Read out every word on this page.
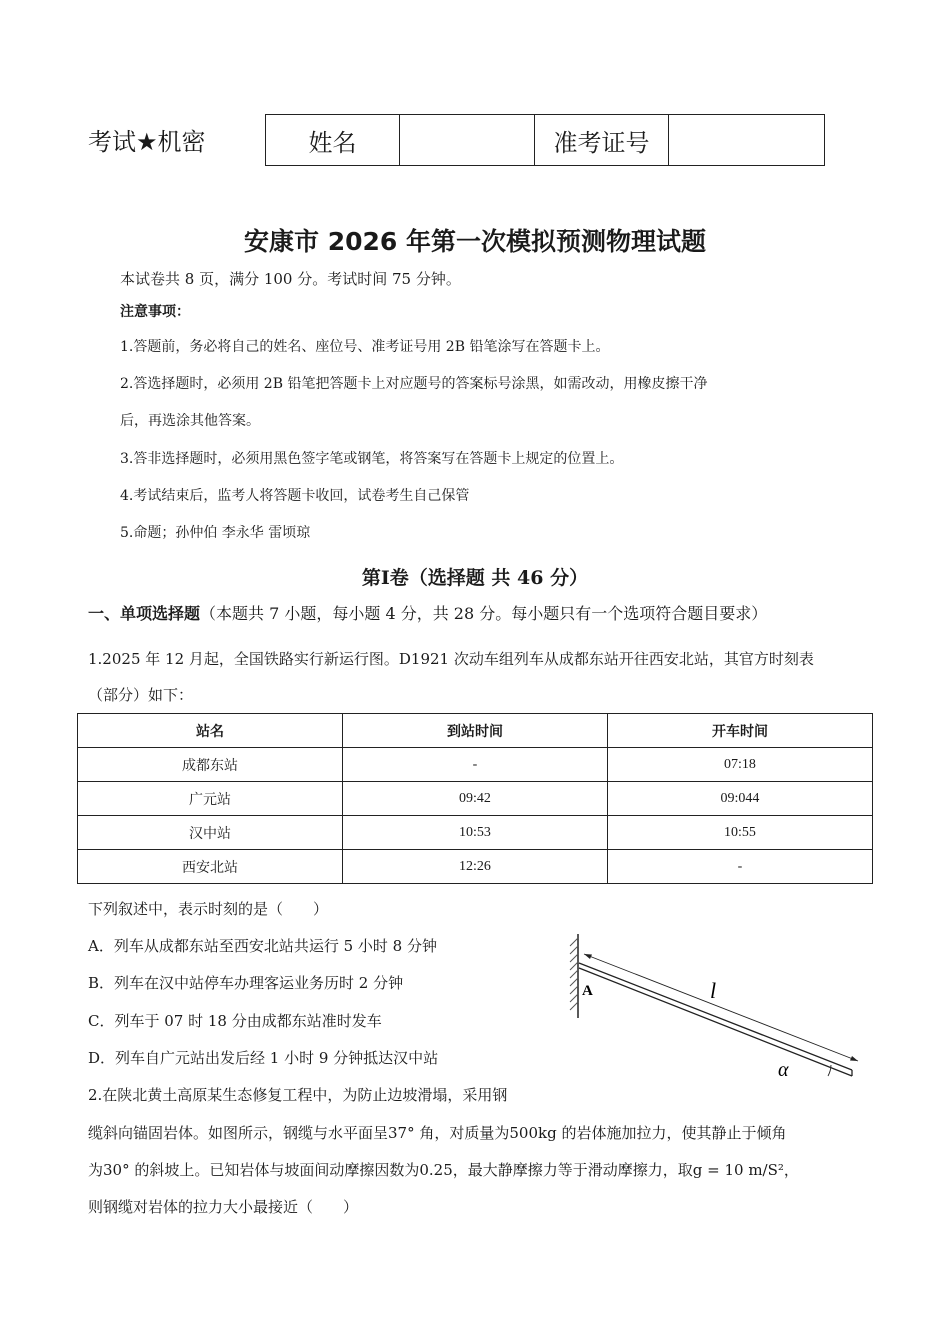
考试★机密	姓名	准考证号
安康市 2026 年第一次模拟预测物理试题
本试卷共 8 页，满分 100 分。考试时间 75 分钟。
注意事项：
1.答题前，务必将自己的姓名、座位号、准考证号用 2B 铅笔涂写在答题卡上。
2.答选择题时，必须用 2B 铅笔把答题卡上对应题号的答案标号涂黑，如需改动，用橡皮擦干净
后，再选涂其他答案。
3.答非选择题时，必须用黑色签字笔或钢笔，将答案写在答题卡上规定的位置上。
4.考试结束后，监考人将答题卡收回，试卷考生自己保管
5.命题；孙仲伯 李永华 雷顷琼
第Ⅰ卷（选择题 共 46 分）
一、单项选择题（本题共 7 小题，每小题 4 分，共 28 分。每小题只有一个选项符合题目要求）
1.2025 年 12 月起，全国铁路实行新运行图。D1921 次动车组列车从成都东站开往西安北站，其官方时刻表
（部分）如下：
站名	到站时间	开车时间
成都东站	-	07:18
广元站	09:42	09:044
汉中站	10:53	10:55
西安北站	12:26	-
下列叙述中，表示时刻的是（　　）
A．列车从成都东站至西安北站共运行 5 小时 8 分钟
B．列车在汉中站停车办理客运业务历时 2 分钟
C．列车于 07 时 18 分由成都东站准时发车
D．列车自广元站出发后经 1 小时 9 分钟抵达汉中站
A	l
α
2.在陕北黄土高原某生态修复工程中，为防止边坡滑塌，采用钢
缆斜向锚固岩体。如图所示，钢缆与水平面呈37° 角，对质量为500kg 的岩体施加拉力，使其静止于倾角
为30° 的斜坡上。已知岩体与坡面间动摩擦因数为0.25，最大静摩擦力等于滑动摩擦力，取g = 10 m/S²，
则钢缆对岩体的拉力大小最接近（　　）
